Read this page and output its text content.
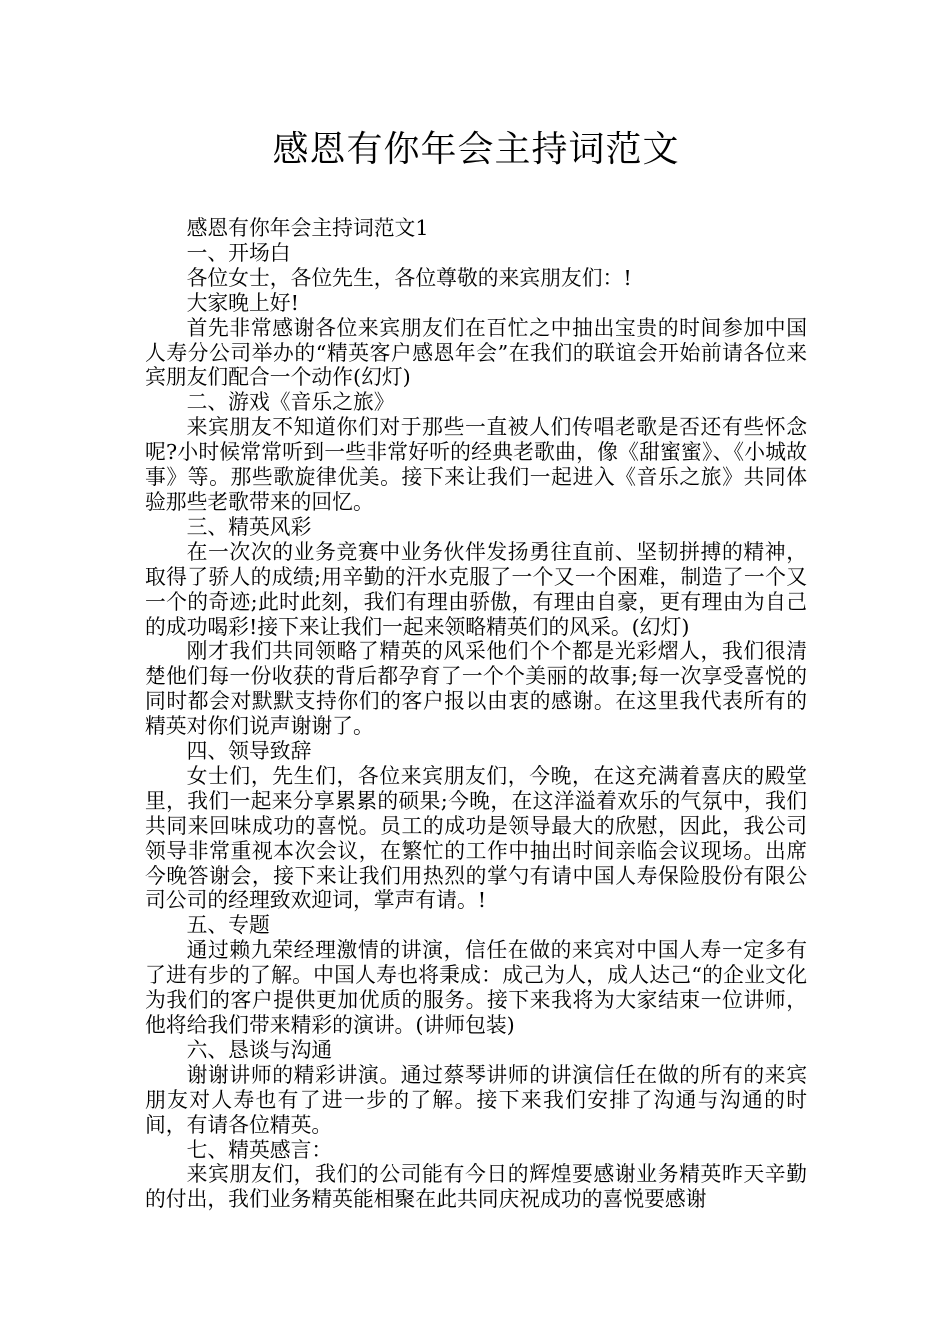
感恩有你年会主持词范文

感恩有你年会主持词范文1

一、开场白

各位女士，各位先生，各位尊敬的来宾朋友们：!

大家晚上好!

首先非常感谢各位来宾朋友们在百忙之中抽出宝贵的时间参加中国人寿分公司举办的“精英客户感恩年会”在我们的联谊会开始前请各位来宾朋友们配合一个动作(幻灯)

二、游戏《音乐之旅》

来宾朋友不知道你们对于那些一直被人们传唱老歌是否还有些怀念呢?小时候常常听到一些非常好听的经典老歌曲，像《甜蜜蜜》、《小城故事》等。那些歌旋律优美。接下来让我们一起进入《音乐之旅》共同体验那些老歌带来的回忆。

三、精英风彩

在一次次的业务竞赛中业务伙伴发扬勇往直前、坚韧拼搏的精神，取得了骄人的成绩;用辛勤的汗水克服了一个又一个困难，制造了一个又一个的奇迹;此时此刻，我们有理由骄傲，有理由自豪，更有理由为自己的成功喝彩!接下来让我们一起来领略精英们的风采。(幻灯)

刚才我们共同领略了精英的风采他们个个都是光彩熠人，我们很清楚他们每一份收获的背后都孕育了一个个美丽的故事;每一次享受喜悦的同时都会对默默支持你们的客户报以由衷的感谢。在这里我代表所有的精英对你们说声谢谢了。

四、领导致辞

女士们，先生们，各位来宾朋友们，今晚，在这充满着喜庆的殿堂里，我们一起来分享累累的硕果;今晚，在这洋溢着欢乐的气氛中，我们共同来回味成功的喜悦。员工的成功是领导最大的欣慰，因此，我公司领导非常重视本次会议，在繁忙的工作中抽出时间亲临会议现场。出席今晚答谢会，接下来让我们用热烈的掌勺有请中国人寿保险股份有限公司公司的经理致欢迎词，掌声有请。!

五、专题

通过赖九荣经理激情的讲演，信任在做的来宾对中国人寿一定多有了进有步的了解。中国人寿也将秉成：成己为人，成人达己“的企业文化为我们的客户提供更加优质的服务。接下来我将为大家结束一位讲师，他将给我们带来精彩的演讲。(讲师包装)

六、恳谈与沟通

谢谢讲师的精彩讲演。通过蔡琴讲师的讲演信任在做的所有的来宾朋友对人寿也有了进一步的了解。接下来我们安排了沟通与沟通的时间，有请各位精英。

七、精英感言：

来宾朋友们，我们的公司能有今日的辉煌要感谢业务精英昨天辛勤的付出，我们业务精英能相聚在此共同庆祝成功的喜悦要感谢
